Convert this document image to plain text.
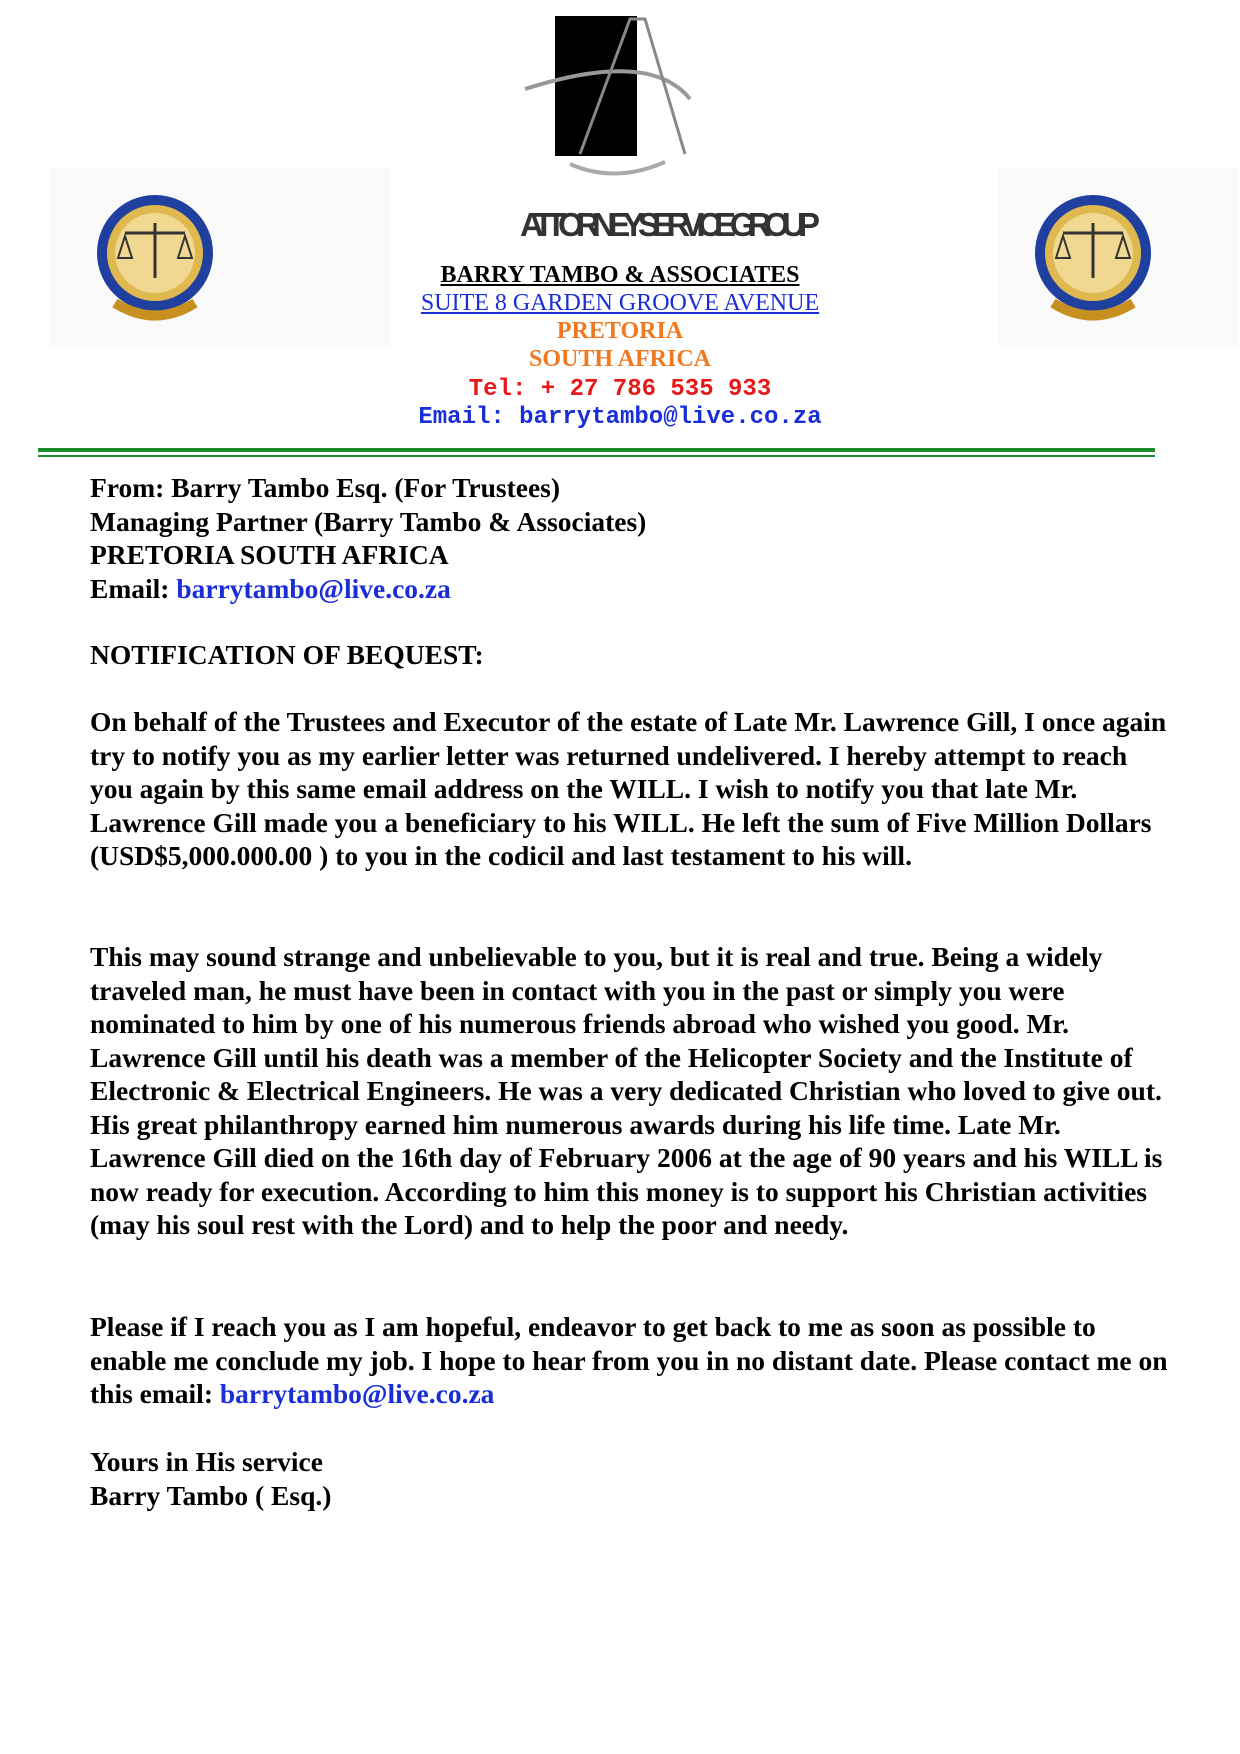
ATTORNEY SERVICE GROUP

BARRY TAMBO & ASSOCIATES

SUITE 8 GARDEN GROOVE AVENUE

PRETORIA

SOUTH AFRICA

Tel: + 27 786 535 933

Email: barrytambo@live.co.za

From: Barry Tambo Esq. (For Trustees)

Managing Partner (Barry Tambo & Associates)

PRETORIA SOUTH AFRICA

Email: barrytambo@live.co.za

NOTIFICATION OF BEQUEST:
On behalf of the Trustees and Executor of the estate of Late Mr. Lawrence Gill, I once again try to notify you as my earlier letter was returned undelivered. I hereby attempt to reach you again by this same email address on the WILL. I wish to notify you that late Mr. Lawrence Gill made you a beneficiary to his WILL. He left the sum of Five Million Dollars (USD$5,000.000.00 ) to you in the codicil and last testament to his will.
This may sound strange and unbelievable to you, but it is real and true. Being a widely traveled man, he must have been in contact with you in the past or simply you were nominated to him by one of his numerous friends abroad who wished you good. Mr. Lawrence Gill until his death was a member of the Helicopter Society and the Institute of Electronic & Electrical Engineers. He was a very dedicated Christian who loved to give out. His great philanthropy earned him numerous awards during his life time. Late Mr. Lawrence Gill died on the 16th day of February 2006 at the age of 90 years and his WILL is now ready for execution. According to him this money is to support his Christian activities (may his soul rest with the Lord) and to help the poor and needy.
Please if I reach you as I am hopeful, endeavor to get back to me as soon as possible to enable me conclude my job. I hope to hear from you in no distant date. Please contact me on this email: barrytambo@live.co.za

Yours in His service

Barry Tambo ( Esq.)
